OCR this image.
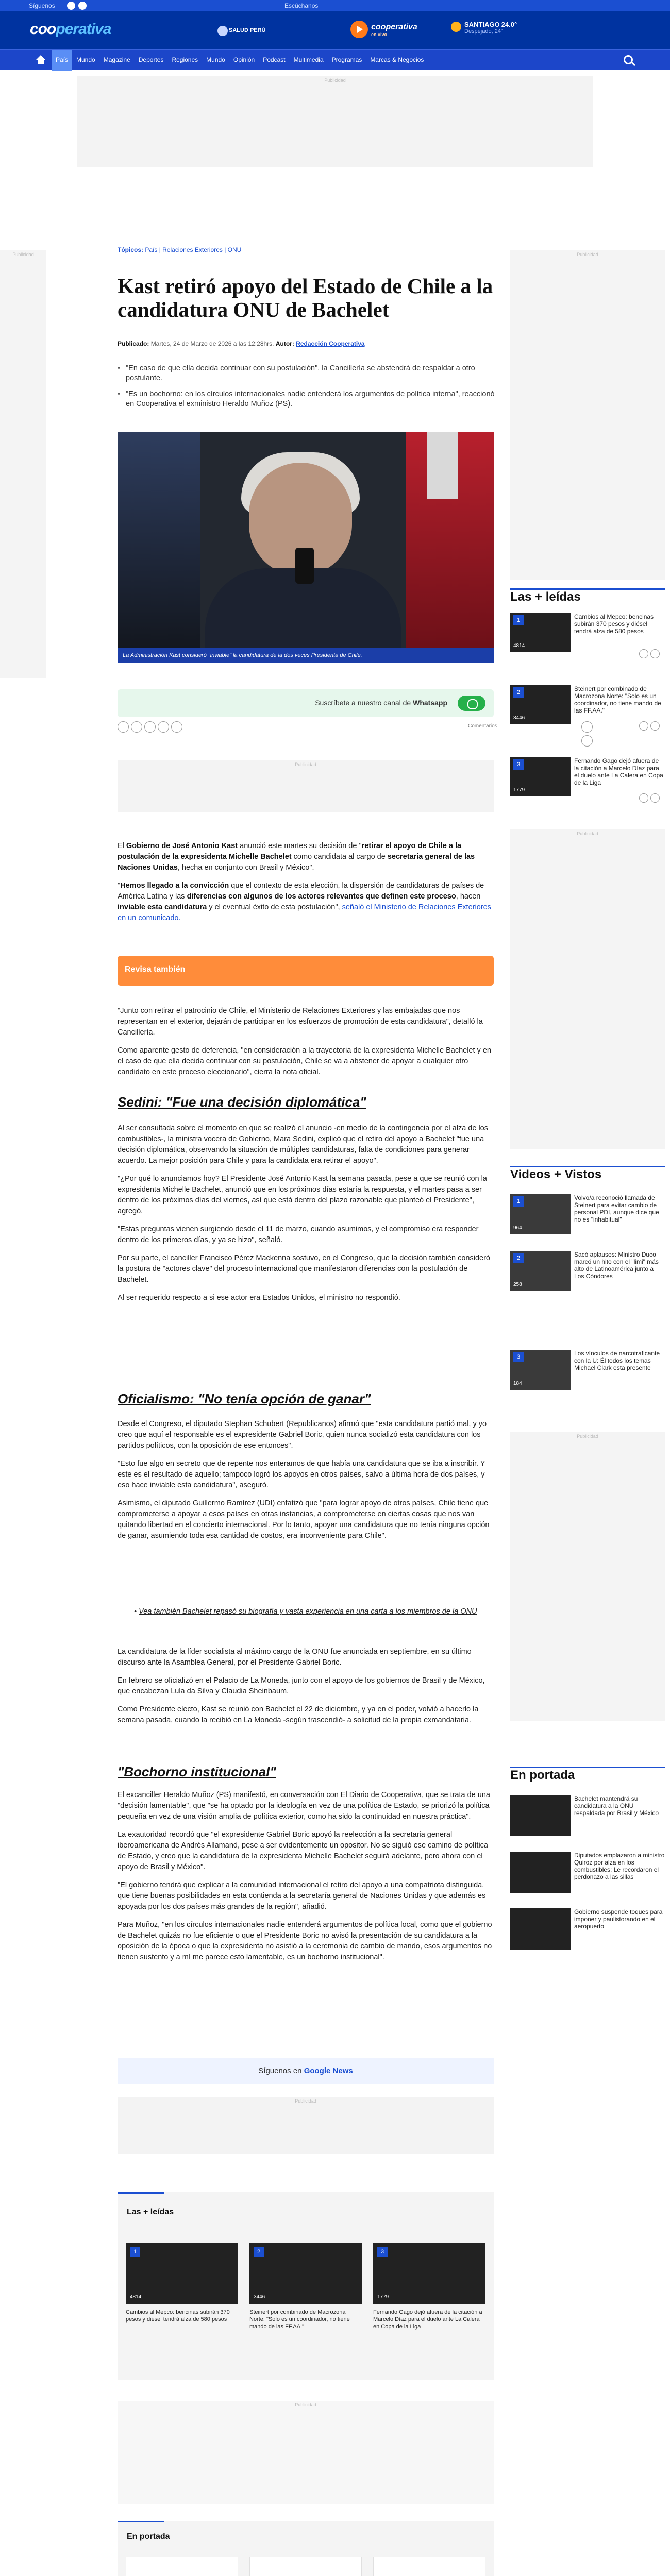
Síguenos	Escúchanos
cooperativa	SALUD PERÚ	cooperativa
en vivo
SANTIAGO 24.0°
Despejado, 24°
País	Mundo	Magazine	Deportes	Regiones	Mundo	Opinión	Podcast	Multimedia	Programas	Marcas & Negocios
Publicidad
Publicidad	Publicidad
Tópicos: País | Relaciones Exteriores | ONU
Kast retiró apoyo del Estado de Chile a la candidatura ONU de Bachelet
Publicado: Martes, 24 de Marzo de 2026 a las 12:28hrs. Autor: Redacción Cooperativa
• "En caso de que ella decida continuar con su postulación", la Cancillería se abstendrá de respaldar a otro postulante.
• "Es un bochorno: en los círculos internacionales nadie entenderá los argumentos de política interna", reaccionó en Cooperativa el exministro Heraldo Muñoz (PS).
La Administración Kast consideró "inviable" la candidatura de la dos veces Presidenta de Chile.
Suscríbete a nuestro canal de Whatsapp
Comentarios
Publicidad
Las + leídas
1
4814
Cambios al Mepco: bencinas subirán 370 pesos y diésel tendrá alza de 580 pesos
2
3446
Steinert por combinado de Macrozona Norte: "Solo es un coordinador, no tiene mando de las FF.AA."
3
1779
Fernando Gago dejó afuera de la citación a Marcelo Díaz para el duelo ante La Calera en Copa de la Liga
Publicidad

El Gobierno de José Antonio Kast anunció este martes su decisión de "retirar el apoyo de Chile a la postulación de la expresidenta Michelle Bachelet como candidata al cargo de secretaria general de las Naciones Unidas, hecha en conjunto con Brasil y México".

"Hemos llegado a la convicción que el contexto de esta elección, la dispersión de candidaturas de países de América Latina y las diferencias con algunos de los actores relevantes que definen este proceso, hacen inviable esta candidatura y el eventual éxito de esta postulación", señaló el Ministerio de Relaciones Exteriores en un comunicado.

Revisa también

"Junto con retirar el patrocinio de Chile, el Ministerio de Relaciones Exteriores y las embajadas que nos representan en el exterior, dejarán de participar en los esfuerzos de promoción de esta candidatura", detalló la Cancillería.

Como aparente gesto de deferencia, "en consideración a la trayectoria de la expresidenta Michelle Bachelet y en el caso de que ella decida continuar con su postulación, Chile se va a abstener de apoyar a cualquier otro candidato en este proceso eleccionario", cierra la nota oficial.

Sedini: "Fue una decisión diplomática"

Al ser consultada sobre el momento en que se realizó el anuncio -en medio de la contingencia por el alza de los combustibles-, la ministra vocera de Gobierno, Mara Sedini, explicó que el retiro del apoyo a Bachelet "fue una decisión diplomática, observando la situación de múltiples candidaturas, falta de condiciones para generar acuerdo. La mejor posición para Chile y para la candidata era retirar el apoyo".

"¿Por qué lo anunciamos hoy? El Presidente José Antonio Kast la semana pasada, pese a que se reunió con la expresidenta Michelle Bachelet, anunció que en los próximos días estaría la respuesta, y el martes pasa a ser dentro de los próximos días del viernes, así que está dentro del plazo razonable que planteó el Presidente", agregó.

"Estas preguntas vienen surgiendo desde el 11 de marzo, cuando asumimos, y el compromiso era responder dentro de los primeros días, y ya se hizo", señaló.

Por su parte, el canciller Francisco Pérez Mackenna sostuvo, en el Congreso, que la decisión también consideró la postura de "actores clave" del proceso internacional que manifestaron diferencias con la postulación de Bachelet.

Al ser requerido respecto a si ese actor era Estados Unidos, el ministro no respondió.

Videos + Vistos
1
964
Volvo/a reconoció llamada de Steinert para evitar cambio de personal PDI, aunque dice que no es "inhabitual"
2
258
Sacó aplausos: Ministro Duco marcó un hito con el "limi" más alto de Latinoamérica junto a Los Cóndores
3
184
Los vínculos de narcotraficante con la U: Él todos los temas Michael Clark esta presente
Publicidad
Oficialismo: "No tenía opción de ganar"

Desde el Congreso, el diputado Stephan Schubert (Republicanos) afirmó que "esta candidatura partió mal, y yo creo que aquí el responsable es el expresidente Gabriel Boric, quien nunca socializó esta candidatura con los partidos políticos, con la oposición de ese entonces".

"Esto fue algo en secreto que de repente nos enteramos de que había una candidatura que se iba a inscribir. Y este es el resultado de aquello; tampoco logró los apoyos en otros países, salvo a última hora de dos países, y eso hace inviable esta candidatura", aseguró.

Asimismo, el diputado Guillermo Ramírez (UDI) enfatizó que "para lograr apoyo de otros países, Chile tiene que comprometerse a apoyar a esos países en otras instancias, a comprometerse en ciertas cosas que nos van quitando libertad en el concierto internacional. Por lo tanto, apoyar una candidatura que no tenía ninguna opción de ganar, asumiendo toda esa cantidad de costos, era inconveniente para Chile".

• Vea también Bachelet repasó su biografía y vasta experiencia en una carta a los miembros de la ONU

La candidatura de la líder socialista al máximo cargo de la ONU fue anunciada en septiembre, en su último discurso ante la Asamblea General, por el Presidente Gabriel Boric.

En febrero se oficializó en el Palacio de La Moneda, junto con el apoyo de los gobiernos de Brasil y de México, que encabezan Lula da Silva y Claudia Sheinbaum.

Como Presidente electo, Kast se reunió con Bachelet el 22 de diciembre, y ya en el poder, volvió a hacerlo la semana pasada, cuando la recibió en La Moneda -según trascendió- a solicitud de la propia exmandataria.

"Bochorno institucional"

El excanciller Heraldo Muñoz (PS) manifestó, en conversación con El Diario de Cooperativa, que se trata de una "decisión lamentable", que "se ha optado por la ideología en vez de una política de Estado, se priorizó la política pequeña en vez de una visión amplia de política exterior, como ha sido la continuidad en nuestra práctica".

La exautoridad recordó que "el expresidente Gabriel Boric apoyó la reelección a la secretaria general iberoamericana de Andrés Allamand, pese a ser evidentemente un opositor. No se siguió ese camino de política de Estado, y creo que la candidatura de la expresidenta Michelle Bachelet seguirá adelante, pero ahora con el apoyo de Brasil y México".

"El gobierno tendrá que explicar a la comunidad internacional el retiro del apoyo a una compatriota distinguida, que tiene buenas posibilidades en esta contienda a la secretaría general de Naciones Unidas y que además es apoyada por los dos países más grandes de la región", añadió.

Para Muñoz, "en los círculos internacionales nadie entenderá argumentos de política local, como que el gobierno de Bachelet quizás no fue eficiente o que el Presidente Boric no avisó la presentación de su candidatura a la oposición de la época o que la expresidenta no asistió a la ceremonia de cambio de mando, esos argumentos no tienen sustento y a mí me parece esto lamentable, es un bochorno institucional".

En portada
Bachelet mantendrá su candidatura a la ONU respaldada por Brasil y México
Diputados emplazaron a ministro Quiroz por alza en los combustibles: Le recordaron el perdonazo a las sillas
Gobierno suspende toques para imponer y paulistorando en el aeropuerto
Síguenos en Google News
Publicidad
Las + leídas
1
4814
Cambios al Mepco: bencinas subirán 370 pesos y diésel tendrá alza de 580 pesos
2
3446
Steinert por combinado de Macrozona Norte: "Solo es un coordinador, no tiene mando de las FF.AA."
3
1779
Fernando Gago dejó afuera de la citación a Marcelo Díaz para el duelo ante La Calera en Copa de la Liga
Publicidad
En portada
